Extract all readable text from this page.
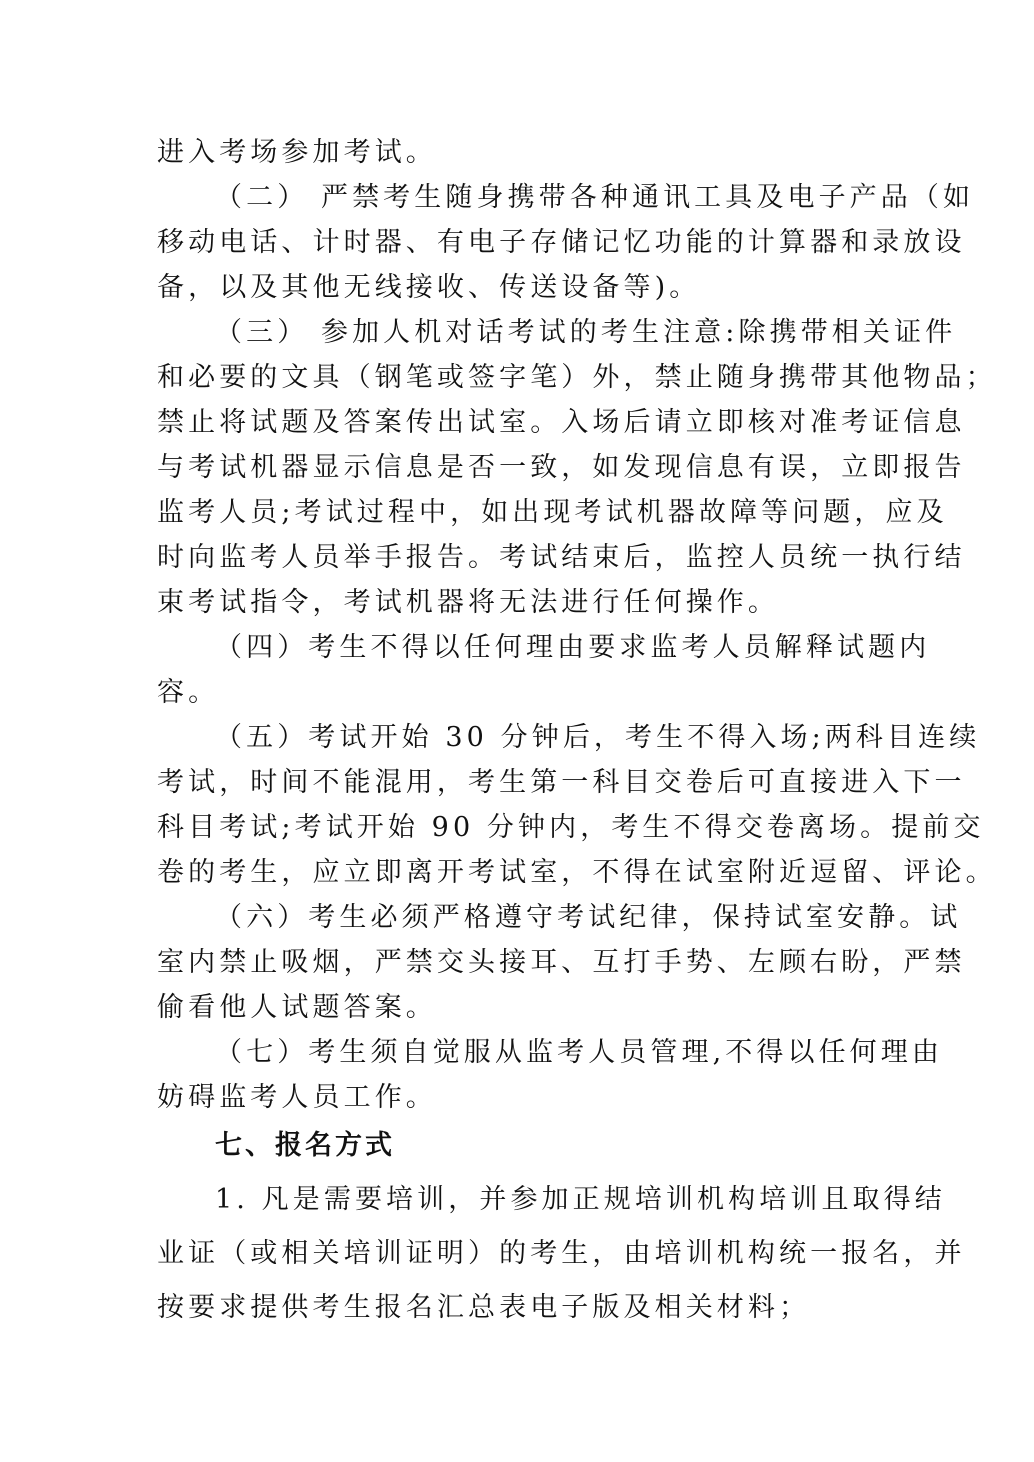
进入考场参加考试。
（二） 严禁考生随身携带各种通讯工具及电子产品（如
移动电话、计时器、有电子存储记忆功能的计算器和录放设
备，以及其他无线接收、传送设备等)。
（三） 参加人机对话考试的考生注意:除携带相关证件
和必要的文具（钢笔或签字笔）外，禁止随身携带其他物品；
禁止将试题及答案传出试室。入场后请立即核对准考证信息
与考试机器显示信息是否一致，如发现信息有误，立即报告
监考人员;考试过程中，如出现考试机器故障等问题，应及
时向监考人员举手报告。考试结束后，监控人员统一执行结
束考试指令，考试机器将无法进行任何操作。
（四）考生不得以任何理由要求监考人员解释试题内
容。
（五）考试开始 30 分钟后，考生不得入场;两科目连续
考试，时间不能混用，考生第一科目交卷后可直接进入下一
科目考试;考试开始 90 分钟内，考生不得交卷离场。提前交
卷的考生，应立即离开考试室，不得在试室附近逗留、评论。
（六）考生必须严格遵守考试纪律，保持试室安静。试
室内禁止吸烟，严禁交头接耳、互打手势、左顾右盼，严禁
偷看他人试题答案。
（七）考生须自觉服从监考人员管理,不得以任何理由
妨碍监考人员工作。
七、报名方式
1. 凡是需要培训，并参加正规培训机构培训且取得结
业证（或相关培训证明）的考生，由培训机构统一报名，并
按要求提供考生报名汇总表电子版及相关材料；
